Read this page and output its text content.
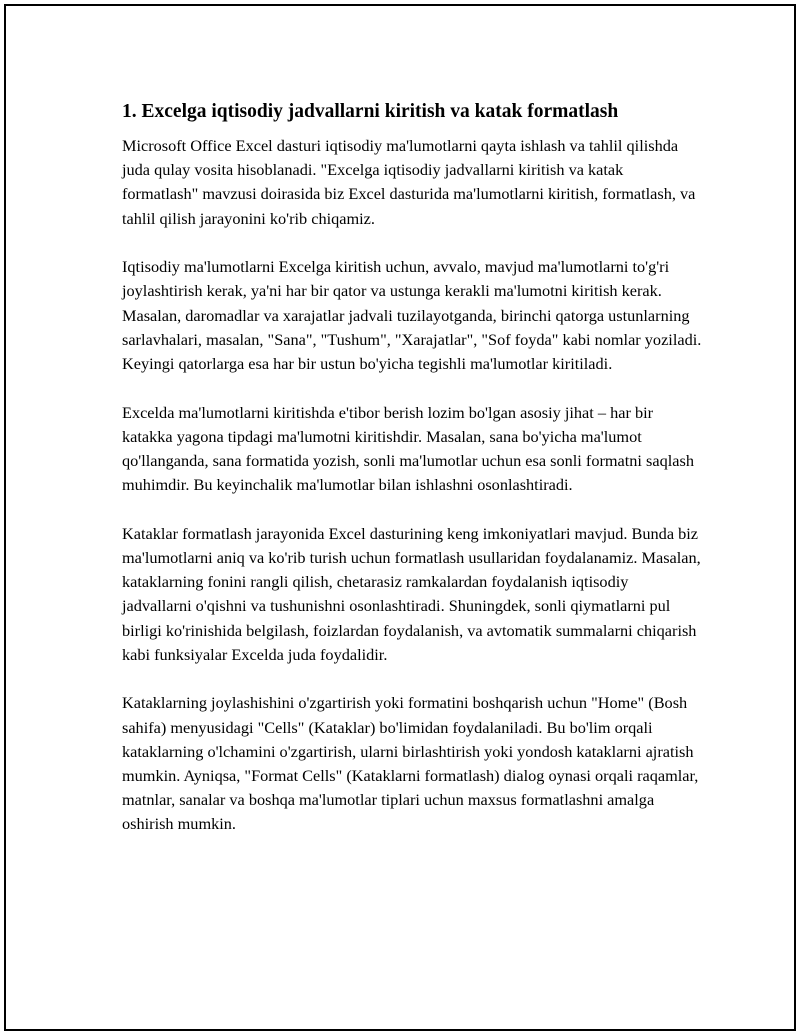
1. Excelga iqtisodiy jadvallarni kiritish va katak formatlash

Microsoft Office Excel dasturi iqtisodiy ma'lumotlarni qayta ishlash va tahlil qilishda juda qulay vosita hisoblanadi. "Excelga iqtisodiy jadvallarni kiritish va katak formatlash" mavzusi doirasida biz Excel dasturida ma'lumotlarni kiritish, formatlash, va tahlil qilish jarayonini ko'rib chiqamiz.

Iqtisodiy ma'lumotlarni Excelga kiritish uchun, avvalo, mavjud ma'lumotlarni to'g'ri joylashtirish kerak, ya'ni har bir qator va ustunga kerakli ma'lumotni kiritish kerak. Masalan, daromadlar va xarajatlar jadvali tuzilayotganda, birinchi qatorga ustunlarning sarlavhalari, masalan, "Sana", "Tushum", "Xarajatlar", "Sof foyda" kabi nomlar yoziladi. Keyingi qatorlarga esa har bir ustun bo'yicha tegishli ma'lumotlar kiritiladi.

Excelda ma'lumotlarni kiritishda e'tibor berish lozim bo'lgan asosiy jihat – har bir katakka yagona tipdagi ma'lumotni kiritishdir. Masalan, sana bo'yicha ma'lumot qo'llanganda, sana formatida yozish, sonli ma'lumotlar uchun esa sonli formatni saqlash muhimdir. Bu keyinchalik ma'lumotlar bilan ishlashni osonlashtiradi.

Kataklar formatlash jarayonida Excel dasturining keng imkoniyatlari mavjud. Bunda biz ma'lumotlarni aniq va ko'rib turish uchun formatlash usullaridan foydalanamiz. Masalan, kataklarning fonini rangli qilish, chetarasiz ramkalardan foydalanish iqtisodiy jadvallarni o'qishni va tushunishni osonlashtiradi. Shuningdek, sonli qiymatlarni pul birligi ko'rinishida belgilash, foizlardan foydalanish, va avtomatik summalarni chiqarish kabi funksiyalar Excelda juda foydalidir.

Kataklarning joylashishini o'zgartirish yoki formatini boshqarish uchun "Home" (Bosh sahifa) menyusidagi "Cells" (Kataklar) bo'limidan foydalaniladi. Bu bo'lim orqali kataklarning o'lchamini o'zgartirish, ularni birlashtirish yoki yondosh kataklarni ajratish mumkin. Ayniqsa, "Format Cells" (Kataklarni formatlash) dialog oynasi orqali raqamlar, matnlar, sanalar va boshqa ma'lumotlar tiplari uchun maxsus formatlashni amalga oshirish mumkin.
